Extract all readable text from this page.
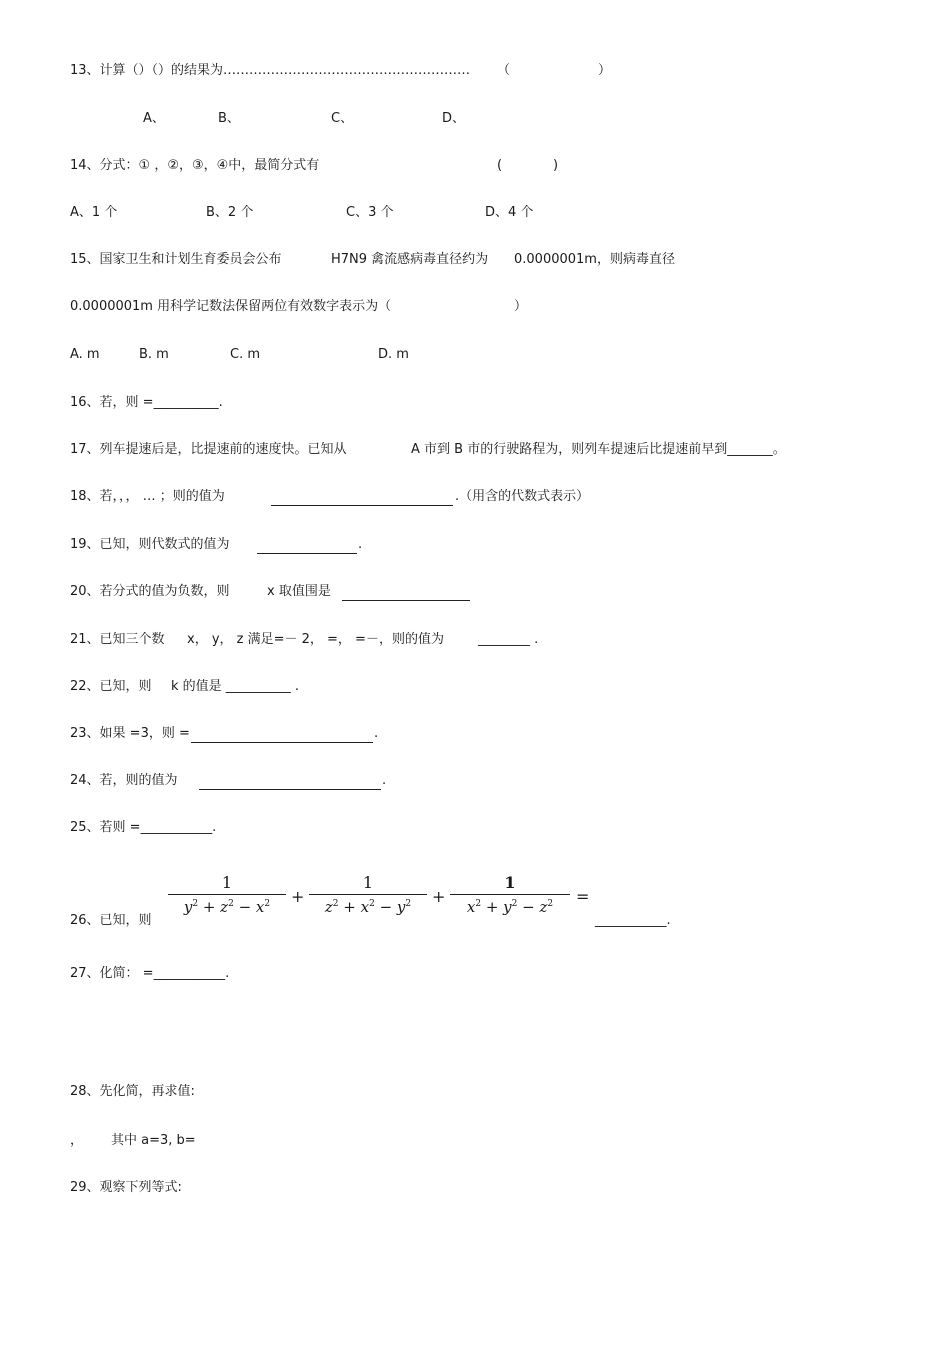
13、计算（）（）的结果为………………………………………………… （	）
A、	B、	C、	D、
14、分式：① ，②，③，④中，最简分式有	(	)
A、1 个	B、2 个	C、3 个	D、4 个
15、国家卫生和计划生育委员会公布	H7N9 禽流感病毒直径约为 0.0000001m，则病毒直径
0.0000001m 用科学记数法保留两位有效数字表示为（	）
A. m	B. m	C. m	D. m
16、若，则 =__________.
17、列车提速后是，比提速前的速度快。已知从	A 市到 B 市的行驶路程为，则列车提速后比提速前早到_______。
18、若，，， … ；则的值为	.（用含的代数式表示）
19、已知，则代数式的值为	.
20、若分式的值为负数，则	x 取值围是
21、已知三个数 x， y， z 满足=－ 2， =， =－，则的值为	________ .
22、已知，则 k 的值是 __________ .
23、如果 =3，则 =	.
24、若，则的值为	.
25、若则 =___________.
26、已知，则
1
$y^2 + z^2 - x^2$	+
1
$z^2 + x^2 - y^2$	+
1
$x^2 + y^2 - z^2$	=
___________.
27、化简： =___________.
28、先化简，再求值:
， 其中 a=3, b=
29、观察下列等式:
